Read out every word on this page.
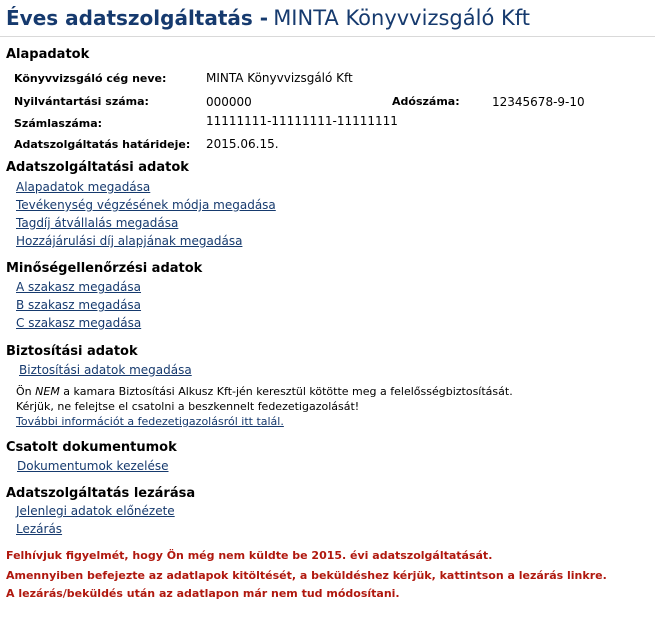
Éves adatszolgáltatás - MINTA Könyvvizsgáló Kft
Alapadatok
Könyvvizsgáló cég neve:	MINTA Könyvvizsgáló Kft
Nyilvántartási száma:	000000	Adószáma:	12345678-9-10
Számlaszáma:	11111111-11111111-11111111
Adatszolgáltatás határideje: 2015.06.15.
Adatszolgáltatási adatok
Alapadatok megadása
Tevékenység végzésének módja megadása
Tagdíj átvállalás megadása
Hozzájárulási díj alapjának megadása
Minőségellenőrzési adatok
A szakasz megadása
B szakasz megadása
C szakasz megadása
Biztosítási adatok
Biztosítási adatok megadása
Ön NEM a kamara Biztosítási Alkusz Kft-jén keresztül kötötte meg a felelősségbiztosítását.
Kérjük, ne felejtse el csatolni a beszkennelt fedezetigazolását!
További információt a fedezetigazolásról itt talál.
Csatolt dokumentumok
Dokumentumok kezelése
Adatszolgáltatás lezárása
Jelenlegi adatok előnézete
Lezárás
Felhívjuk figyelmét, hogy Ön még nem küldte be 2015. évi adatszolgáltatását.
Amennyiben befejezte az adatlapok kitöltését, a beküldéshez kérjük, kattintson a lezárás linkre.
A lezárás/beküldés után az adatlapon már nem tud módosítani.
